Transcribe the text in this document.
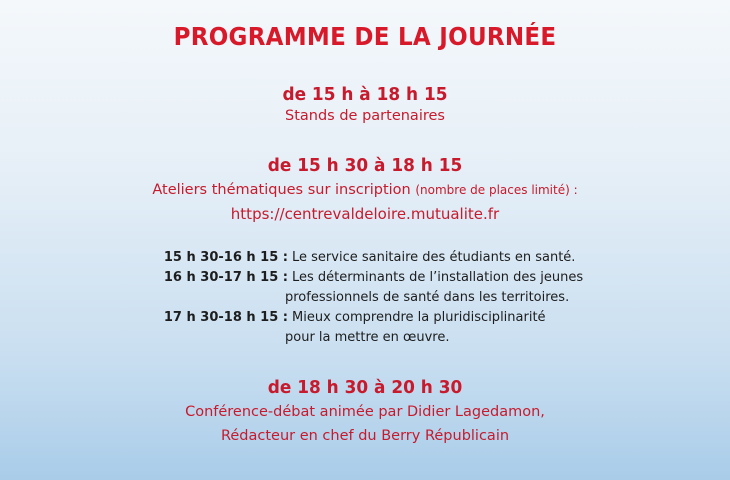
PROGRAMME DE LA JOURNÉE
de 15 h à 18 h 15
Stands de partenaires
de 15 h 30 à 18 h 15
Ateliers thématiques sur inscription (nombre de places limité) :
https://centrevaldeloire.mutualite.fr
15 h 30-16 h 15 : Le service sanitaire des étudiants en santé.
16 h 30-17 h 15 : Les déterminants de l’installation des jeunes
professionnels de santé dans les territoires.
17 h 30-18 h 15 : Mieux comprendre la pluridisciplinarité
pour la mettre en œuvre.
de 18 h 30 à 20 h 30
Conférence-débat animée par Didier Lagedamon,
Rédacteur en chef du Berry Républicain
